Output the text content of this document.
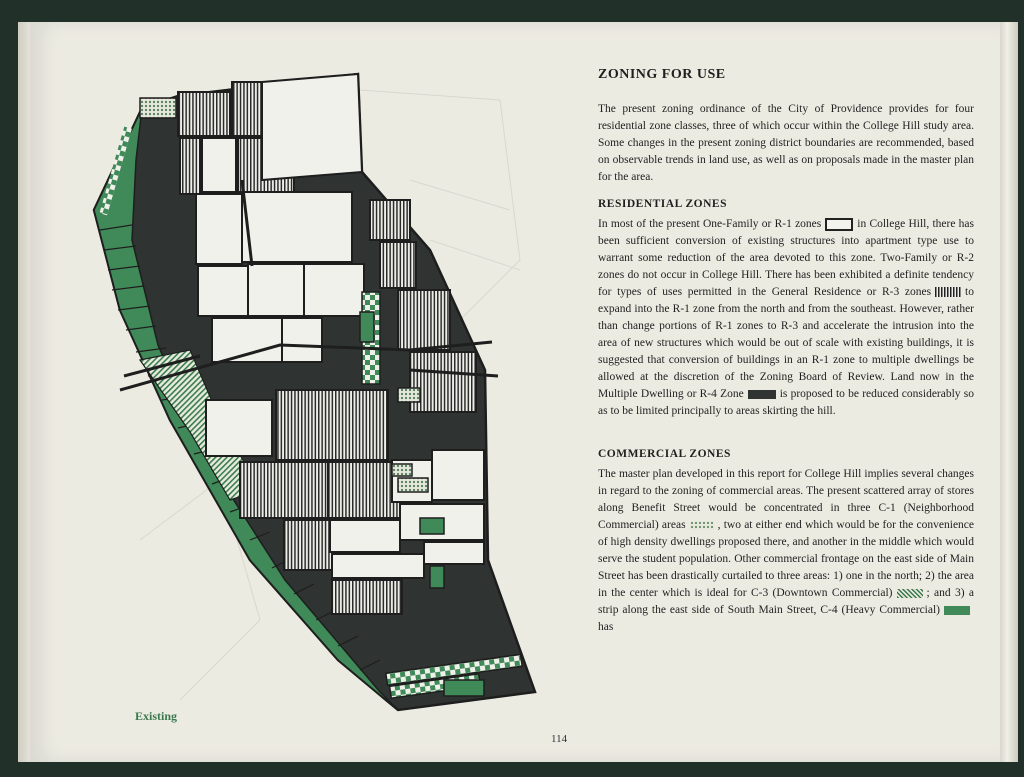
Existing
114
ZONING FOR USE

The present zoning ordinance of the City of Providence provides for four residential zone classes, three of which occur within the College Hill study area. Some changes in the present zoning district boundaries are recommended, based on observable trends in land use, as well as on proposals made in the master plan for the area.

RESIDENTIAL ZONES

In most of the present One-Family or R-1 zones	in College Hill, there has been sufficient conversion of existing structures into apartment type use to warrant some reduction of the area devoted to this zone. Two-Family or R-2 zones do not occur in College Hill. There has been exhibited a definite tendency for types of uses permitted in the General Residence or R-3 zones	to expand into the R-1 zone from the north and from the southeast. However, rather than change portions of R-1 zones to R-3 and accelerate the intrusion into the area of new structures which would be out of scale with existing buildings, it is suggested that conversion of buildings in an R-1 zone to multiple dwellings be allowed at the discretion of the Zoning Board of Review. Land now in the Multiple Dwelling or R-4 Zone	is proposed to be reduced considerably so as to be limited principally to areas skirting the hill.

COMMERCIAL ZONES

The master plan developed in this report for College Hill implies several changes in regard to the zoning of commercial areas. The present scattered array of stores along Benefit Street would be concentrated in three C-1 (Neighborhood Commercial) areas	, two at either end which would be for the convenience of high density dwellings proposed there, and another in the middle which would serve the student population. Other commercial frontage on the east side of Main Street has been drastically curtailed to three areas: 1) one in the north; 2) the area in the center which is ideal for C-3 (Downtown Commercial)	; and 3) a strip along the east side of South Main Street, C-4 (Heavy Commercial)has
